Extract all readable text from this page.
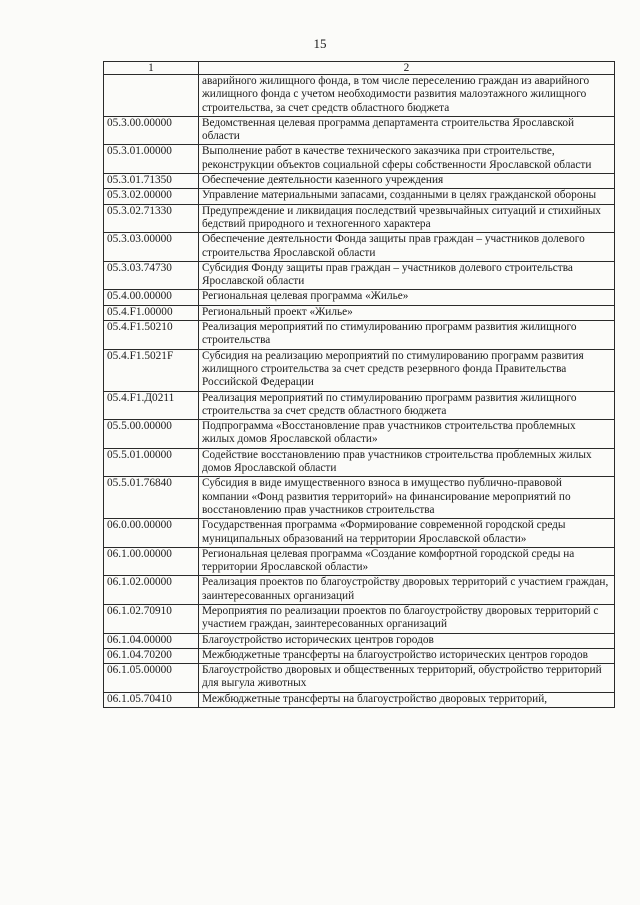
15
1	2
	аварийного жилищного фонда, в том числе переселению граждан из аварийного жилищного фонда с учетом необходимости развития малоэтажного жилищного строительства, за счет средств областного бюджета
05.3.00.00000	Ведомственная целевая программа департамента строительства Ярославской области
05.3.01.00000	Выполнение работ в качестве технического заказчика при строительстве, реконструкции объектов социальной сферы собственности Ярославской области
05.3.01.71350	Обеспечение деятельности казенного учреждения
05.3.02.00000	Управление материальными запасами, созданными в целях гражданской обороны
05.3.02.71330	Предупреждение и ликвидация последствий чрезвычайных ситуаций и стихийных бедствий природного и техногенного характера
05.3.03.00000	Обеспечение деятельности Фонда защиты прав граждан – участников долевого строительства Ярославской области
05.3.03.74730	Субсидия Фонду защиты прав граждан – участников долевого строительства Ярославской области
05.4.00.00000	Региональная целевая программа «Жилье»
05.4.F1.00000	Региональный проект «Жилье»
05.4.F1.50210	Реализация мероприятий по стимулированию программ развития жилищного строительства
05.4.F1.5021F	Субсидия на реализацию мероприятий по стимулированию программ развития жилищного строительства за счет средств резервного фонда Правительства Российской Федерации
05.4.F1.Д0211	Реализация мероприятий по стимулированию программ развития жилищного строительства за счет средств областного бюджета
05.5.00.00000	Подпрограмма «Восстановление прав участников строительства проблемных жилых домов Ярославской области»
05.5.01.00000	Содействие восстановлению прав участников строительства проблемных жилых домов Ярославской области
05.5.01.76840	Субсидия в виде имущественного взноса в имущество публично-правовой компании «Фонд развития территорий» на финансирование мероприятий по восстановлению прав участников строительства
06.0.00.00000	Государственная программа «Формирование современной городской среды муниципальных образований на территории Ярославской области»
06.1.00.00000	Региональная целевая программа «Создание комфортной городской среды на территории Ярославской области»
06.1.02.00000	Реализация проектов по благоустройству дворовых территорий с участием граждан, заинтересованных организаций
06.1.02.70910	Мероприятия по реализации проектов по благоустройству дворовых территорий с участием граждан, заинтересованных организаций
06.1.04.00000	Благоустройство исторических центров городов
06.1.04.70200	Межбюджетные трансферты на благоустройство исторических центров городов
06.1.05.00000	Благоустройство дворовых и общественных территорий, обустройство территорий для выгула животных
06.1.05.70410	Межбюджетные трансферты на благоустройство дворовых территорий,
